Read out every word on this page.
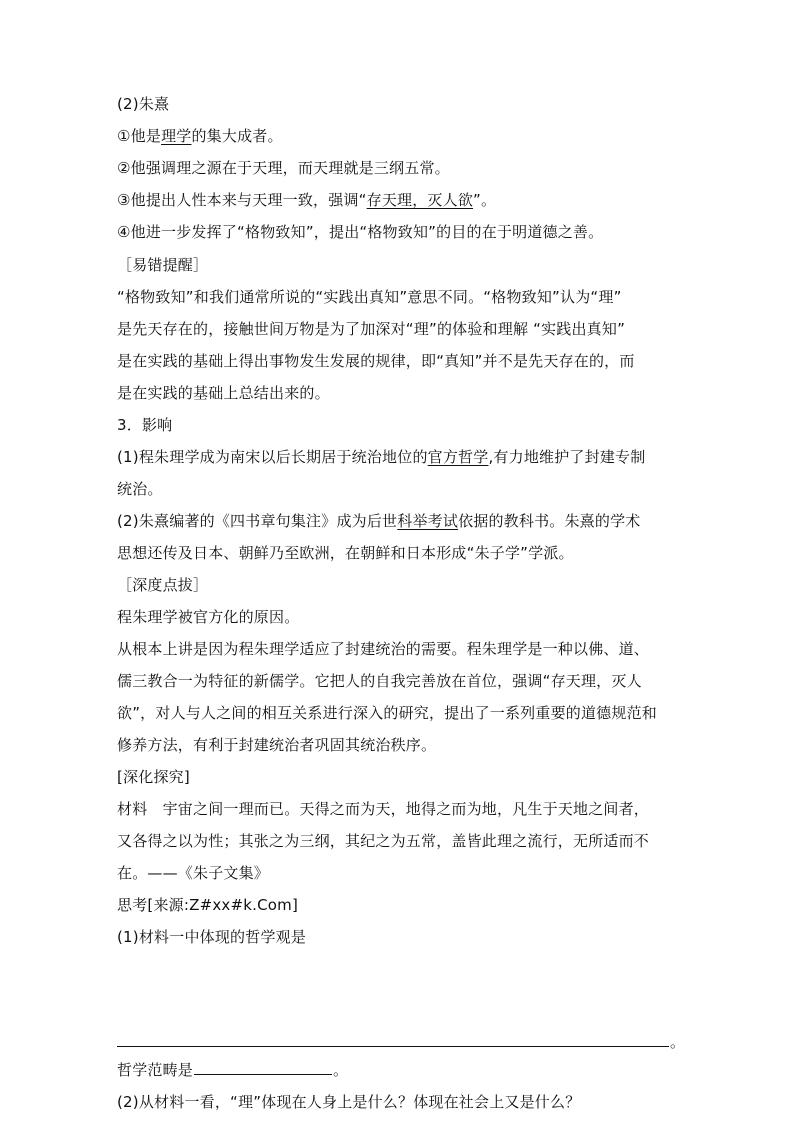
(2)朱熹
①他是理学的集大成者。
②他强调理之源在于天理，而天理就是三纲五常。
③他提出人性本来与天理一致，强调“存天理，灭人欲”。
④他进一步发挥了“格物致知”，提出“格物致知”的目的在于明道德之善。
［易错提醒］
“格物致知”和我们通常所说的“实践出真知”意思不同。“格物致知”认为“理”
是先天存在的，接触世间万物是为了加深对“理”的体验和理解 “实践出真知”
是在实践的基础上得出事物发生发展的规律，即“真知”并不是先天存在的，而
是在实践的基础上总结出来的。
3．影响
(1)程朱理学成为南宋以后长期居于统治地位的官方哲学,有力地维护了封建专制
统治。
(2)朱熹编著的《四书章句集注》成为后世科举考试依据的教科书。朱熹的学术
思想还传及日本、朝鲜乃至欧洲，在朝鲜和日本形成“朱子学”学派。
［深度点拔］
程朱理学被官方化的原因。
从根本上讲是因为程朱理学适应了封建统治的需要。程朱理学是一种以佛、道、
儒三教合一为特征的新儒学。它把人的自我完善放在首位，强调“存天理，灭人
欲”，对人与人之间的相互关系进行深入的研究，提出了一系列重要的道德规范和
修养方法，有利于封建统治者巩固其统治秩序。
[深化探究]
材料　宇宙之间一理而已。天得之而为天，地得之而为地，凡生于天地之间者，
又各得之以为性；其张之为三纲，其纪之为五常，盖皆此理之流行，无所适而不
在。——《朱子文集》
思考[来源:Z#xx#k.Com]
(1)材料一中体现的哲学观是
。
哲学范畴是	。
(2)从材料一看，“理”体现在人身上是什么？体现在社会上又是什么？
